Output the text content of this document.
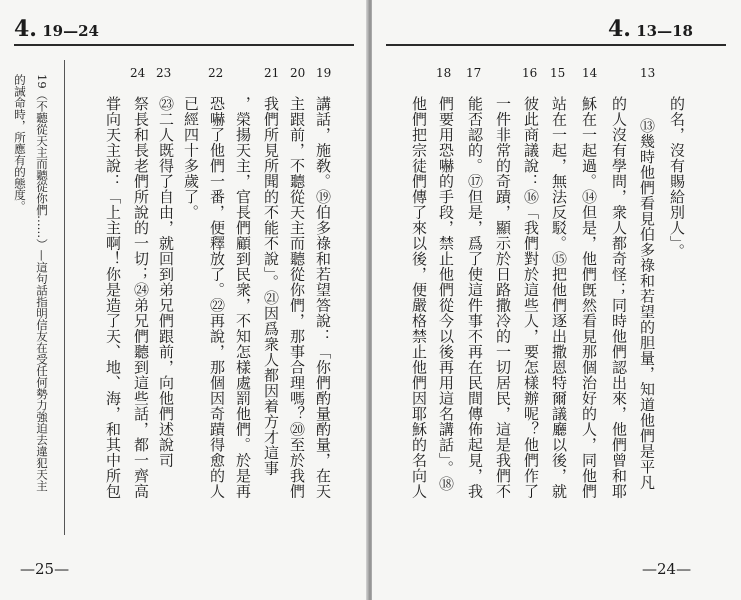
4. 19—24
的誡命時，所應有的態度。 19（不聽從天主而聽從你們……）—這句話指明信友在受任何勢力強迫去違犯天主
24 23	22	21 20 19
甞向天主說：「上主啊！你是造了天、地、海，和其中所包 祭長和長老們所說的一切；㉔弟兄們聽到這些話，都一齊高 ㉓二人既得了自由，就回到弟兄們跟前，向他們述說司 已經四十多歲了。 恐嚇了他們一番，便釋放了。㉒再說，那個因奇蹟得愈的人 ，榮揚天主，官長們顧到民衆，不知怎樣處罰他們。於是再 我們所見所聞的不能不說」。㉑因爲衆人都因着方才這事 主跟前，不聽從天主而聽從你們，那事合理嗎？⑳至於我們 講話，施敎。⑲伯多祿和若望答說：「你們酌量酌量，在天
—25—
4. 13—18
18 17	16 15 14	13
他們把宗徒們傳了來以後，便嚴格禁止他們因耶穌的名向人 們要用恐嚇的手段，禁止他們從今以後再用這名講話」。⑱ 能否認的。⑰但是，爲了使這件事不再在民間傳佈起見，我 一件非常的奇蹟，顯示於日路撒冷的一切居民，這是我們不 彼此商議說：⑯「我們對於這些人，要怎樣辦呢？他們作了 站在一起，無法反駁。⑮把他們逐出撒恩特爾議廳以後，就 穌在一起過。⑭但是，他們旣然看見那個治好的人，同他們 的人沒有學問，衆人都奇怪；同時他們認出來，他們曾和耶 ⑬幾時他們看見伯多祿和若望的胆量，知道他們是平凡 的名，沒有賜給別人」。
—24—
